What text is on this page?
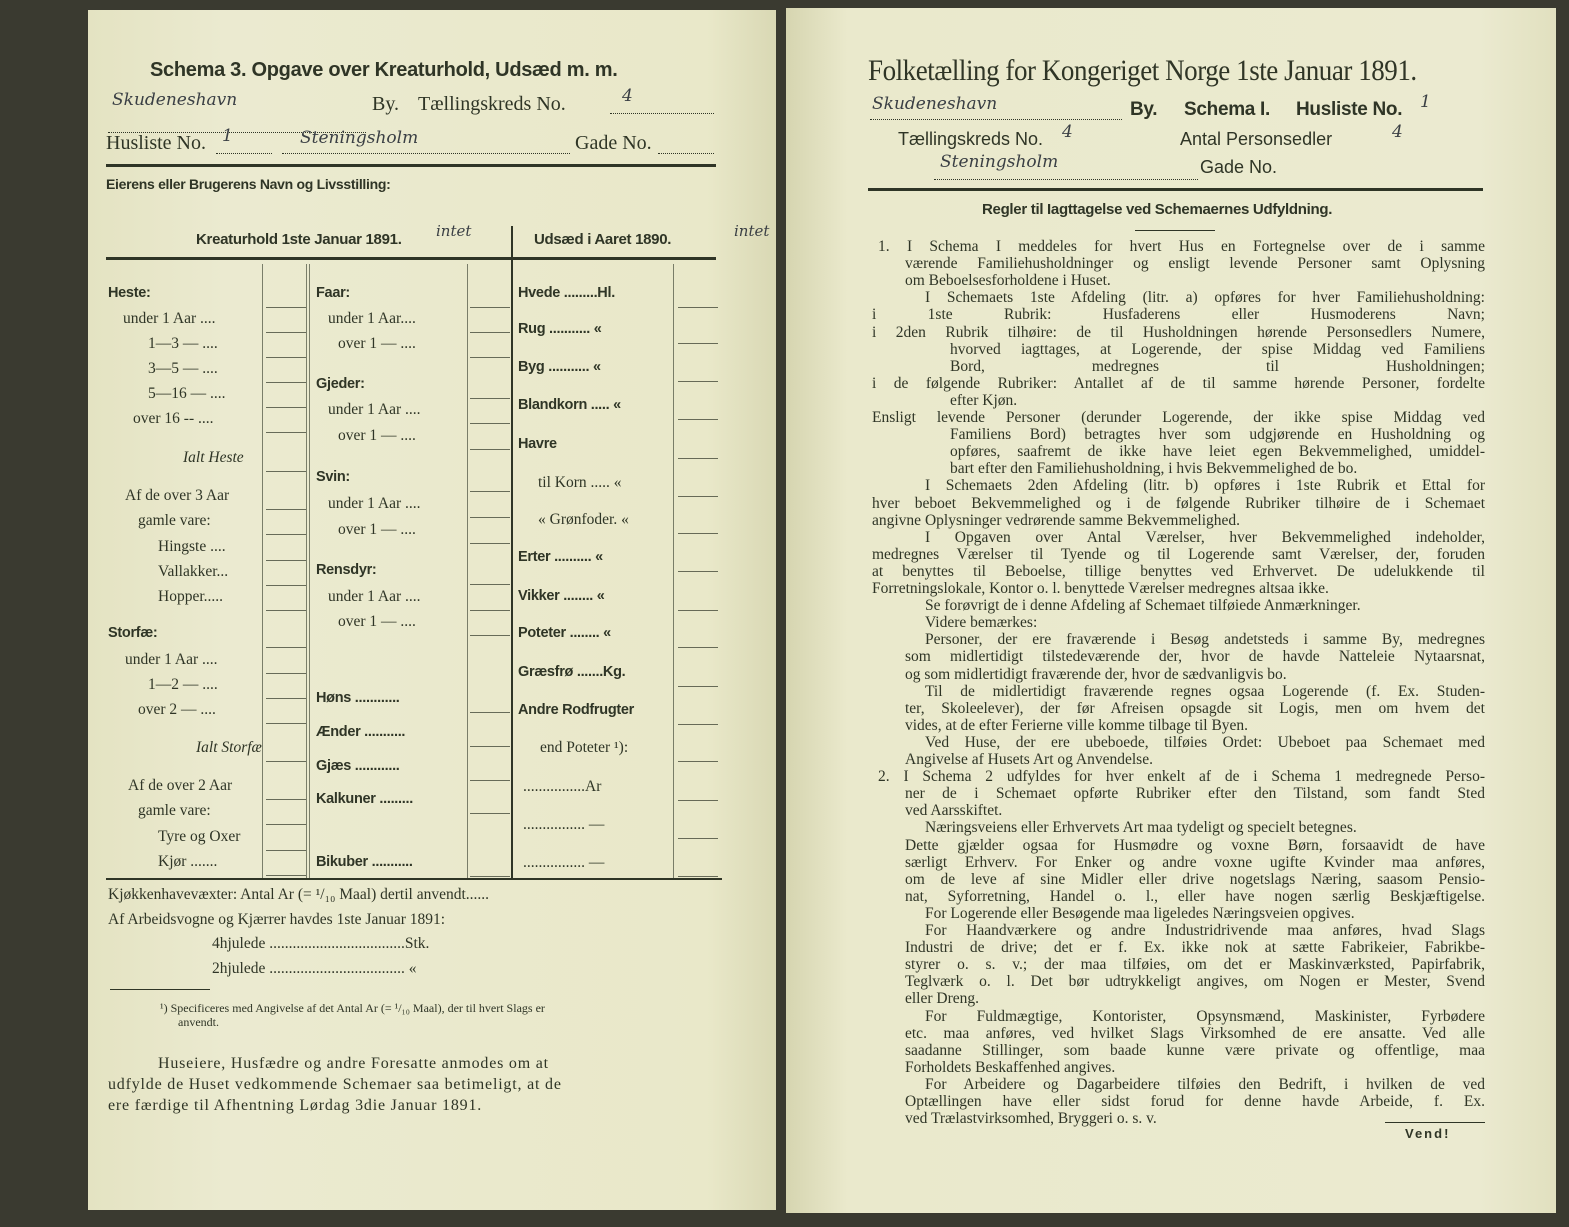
Schema 3. Opgave over Kreaturhold, Udsæd m. m.
Skudeneshavn	By. Tællingskreds No.	4
Husliste No. 1	Steningsholm	Gade No.
Eierens eller Brugerens Navn og Livsstilling:
Kreaturhold 1ste Januar 1891. intet	Udsæd i Aaret 1890.	intet
Heste:
under 1 Aar ....
1—3 — ....
3—5 — ....
5—16 — ....
over 16 -- ....
Ialt Heste
Af de over 3 Aar
gamle vare:
Hingste ....
Vallakker...
Hopper.....
Storfæ:
under 1 Aar ....
1—2 — ....
over 2 — ....
Ialt Storfæ
Af de over 2 Aar
gamle vare:
Tyre og Oxer
Kjør .......
Faar:
under 1 Aar....
over 1 — ....
Gjeder:
under 1 Aar ....
over 1 — ....
Svin:
under 1 Aar ....
over 1 — ....
Rensdyr:
under 1 Aar ....
over 1 — ....
Høns ............
Ænder ...........
Gjæs ............
Kalkuner .........
Bikuber ...........
Hvede .........Hl.
Rug ........... «
Byg ........... «
Blandkorn ..... «
Havre
til Korn ..... «
« Grønfoder. «
Erter .......... «
Vikker ........ «
Poteter ........ «
Græsfrø .......Kg.
Andre Rodfrugter
end Poteter ¹):
................Ar
................ —
................ —
Kjøkkenhavevæxter: Antal Ar (= ¹/₁₀ Maal) dertil anvendt......
Af Arbeidsvogne og Kjærrer havdes 1ste Januar 1891:
4hjulede ...................................Stk.
2hjulede ................................... «
¹) Specificeres med Angivelse af det Antal Ar (= ¹/₁₀ Maal), der til hvert Slags er
anvendt.
Huseiere, Husfædre og andre Foresatte anmodes om at
udfylde de Huset vedkommende Schemaer saa betimeligt, at de
ere færdige til Afhentning Lørdag 3die Januar 1891.
Folketælling for Kongeriget Norge 1ste Januar 1891.
Skudeneshavn	By. Schema I. Husliste No. 1
Tællingskreds No. 4	Antal Personsedler	4
Steningsholm	Gade No.
Regler til Iagttagelse ved Schemaernes Udfyldning.
1. I Schema I meddeles for hvert Hus en Fortegnelse over de i samme
værende Familiehusholdninger og ensligt levende Personer samt Oplysning
om Beboelsesforholdene i Huset.
I Schemaets 1ste Afdeling (litr. a) opføres for hver Familiehusholdning:
i 1ste Rubrik: Husfaderens eller Husmoderens Navn;
i 2den Rubrik tilhøire: de til Husholdningen hørende Personsedlers Numere,
hvorved iagttages, at Logerende, der spise Middag ved Familiens
Bord, medregnes til Husholdningen;
i de følgende Rubriker: Antallet af de til samme hørende Personer, fordelte
efter Kjøn.
Ensligt levende Personer (derunder Logerende, der ikke spise Middag ved
Familiens Bord) betragtes hver som udgjørende en Husholdning og
opføres, saafremt de ikke have leiet egen Bekvemmelighed, umiddel-
bart efter den Familiehusholdning, i hvis Bekvemmelighed de bo.
I Schemaets 2den Afdeling (litr. b) opføres i 1ste Rubrik et Ettal for
hver beboet Bekvemmelighed og i de følgende Rubriker tilhøire de i Schemaet
angivne Oplysninger vedrørende samme Bekvemmelighed.
I Opgaven over Antal Værelser, hver Bekvemmelighed indeholder,
medregnes Værelser til Tyende og til Logerende samt Værelser, der, foruden
at benyttes til Beboelse, tillige benyttes ved Erhvervet. De udelukkende til
Forretningslokale, Kontor o. l. benyttede Værelser medregnes altsaa ikke.
Se forøvrigt de i denne Afdeling af Schemaet tilføiede Anmærkninger.
Videre bemærkes:
Personer, der ere fraværende i Besøg andetsteds i samme By, medregnes
som midlertidigt tilstedeværende der, hvor de havde Natteleie Nytaarsnat,
og som midlertidigt fraværende der, hvor de sædvanligvis bo.
Til de midlertidigt fraværende regnes ogsaa Logerende (f. Ex. Studen-
ter, Skoleelever), der før Afreisen opsagde sit Logis, men om hvem det
vides, at de efter Ferierne ville komme tilbage til Byen.
Ved Huse, der ere ubeboede, tilføies Ordet: Ubeboet paa Schemaet med
Angivelse af Husets Art og Anvendelse.
2. I Schema 2 udfyldes for hver enkelt af de i Schema 1 medregnede Perso-
ner de i Schemaet opførte Rubriker efter den Tilstand, som fandt Sted
ved Aarsskiftet.
Næringsveiens eller Erhvervets Art maa tydeligt og specielt betegnes.
Dette gjælder ogsaa for Husmødre og voxne Børn, forsaavidt de have
særligt Erhverv. For Enker og andre voxne ugifte Kvinder maa anføres,
om de leve af sine Midler eller drive nogetslags Næring, saasom Pensio-
nat, Syforretning, Handel o. l., eller have nogen særlig Beskjæftigelse.
For Logerende eller Besøgende maa ligeledes Næringsveien opgives.
For Haandværkere og andre Industridrivende maa anføres, hvad Slags
Industri de drive; det er f. Ex. ikke nok at sætte Fabrikeier, Fabrikbe-
styrer o. s. v.; der maa tilføies, om det er Maskinværksted, Papirfabrik,
Teglværk o. l. Det bør udtrykkeligt angives, om Nogen er Mester, Svend
eller Dreng.
For Fuldmægtige, Kontorister, Opsynsmænd, Maskinister, Fyrbødere
etc. maa anføres, ved hvilket Slags Virksomhed de ere ansatte. Ved alle
saadanne Stillinger, som baade kunne være private og offentlige, maa
Forholdets Beskaffenhed angives.
For Arbeidere og Dagarbeidere tilføies den Bedrift, i hvilken de ved
Optællingen have eller sidst forud for denne havde Arbeide, f. Ex.
ved Trælastvirksomhed, Bryggeri o. s. v.
Vend!
